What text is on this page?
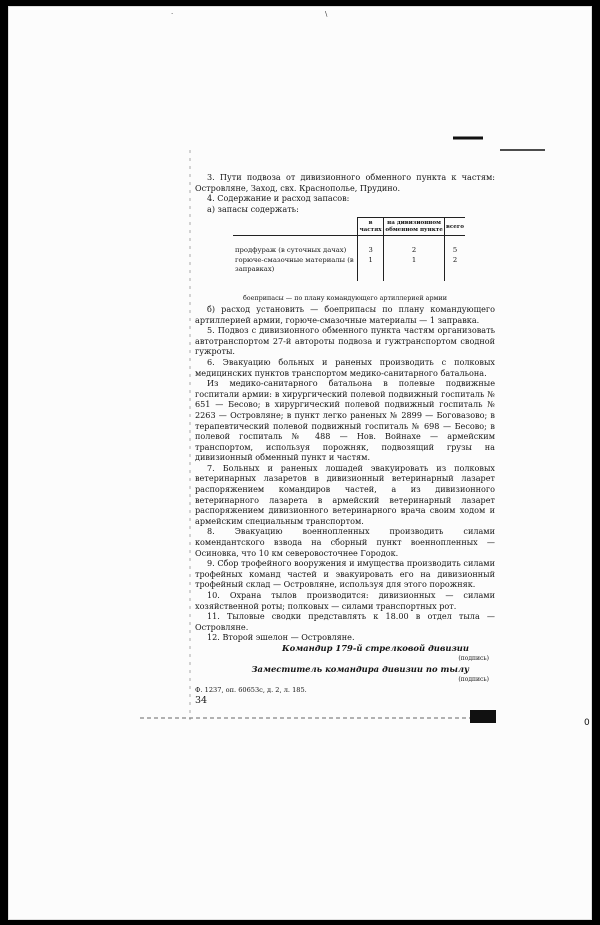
0
.	\

3. Пути подвоза от дивизионного обменного пункта к частям: Островляне, Заход, свх. Краснополье, Прудино.

4. Содержание и расход запасов:

а) запасы содержать:

	в частях	на дивизионном обменном пункте	всего
продфураж (в суточных дачах)	3	2	5
горюче-смазочные материалы (в заправках)	1	1	2

боеприпасы — по плану командующего артиллерией армии

б) расход установить — боеприпасы по плану командующего артиллерией армии, горюче-смазочные материалы — 1 заправка.

5. Подвоз с дивизионного обменного пункта частям организовать автотранспортом 27-й автороты подвоза и гужтранспортом сводной гужроты.

6. Эвакуацию больных и раненых производить с полковых медицинских пунктов транспортом медико-санитарного батальона.

Из медико-санитарного батальона в полевые подвижные госпитали армии: в хирургический полевой подвижный госпиталь № 651 — Бесово; в хирургический полевой подвижный госпиталь № 2263 — Островляне; в пункт легко раненых № 2899 — Боговазово; в терапевтический полевой подвижный госпиталь № 698 — Бесово; в полевой госпиталь № 488 — Нов. Войнахе — армейским транспортом, используя порожняк, подвозящий грузы на дивизионный обменный пункт и частям.

7. Больных и раненых лошадей эвакуировать из полковых ветеринарных лазаретов в дивизионный ветеринарный лазарет распоряжением командиров частей, а из дивизионного ветеринарного лазарета в армейский ветеринарный лазарет распоряжением дивизионного ветеринарного врача своим ходом и армейским специальным транспортом.

8. Эвакуацию военнопленных производить силами комендантского взвода на сборный пункт военнопленных — Осиновка, что 10 км северовосточнее Городок.

9. Сбор трофейного вооружения и имущества производить силами трофейных команд частей и эвакуировать его на дивизионный трофейный склад — Островляне, используя для этого порожняк.

10. Охрана тылов производится: дивизионных — силами хозяйственной роты; полковых — силами транспортных рот.

11. Тыловые сводки представлять к 18.00 в отдел тыла — Островляне.

12. Второй эшелон — Островляне.

Командир 179-й стрелковой дивизии

(подпись)

Заместитель командира дивизии по тылу

(подпись)

Ф. 1237, оп. 60653с, д. 2, л. 185.

34
